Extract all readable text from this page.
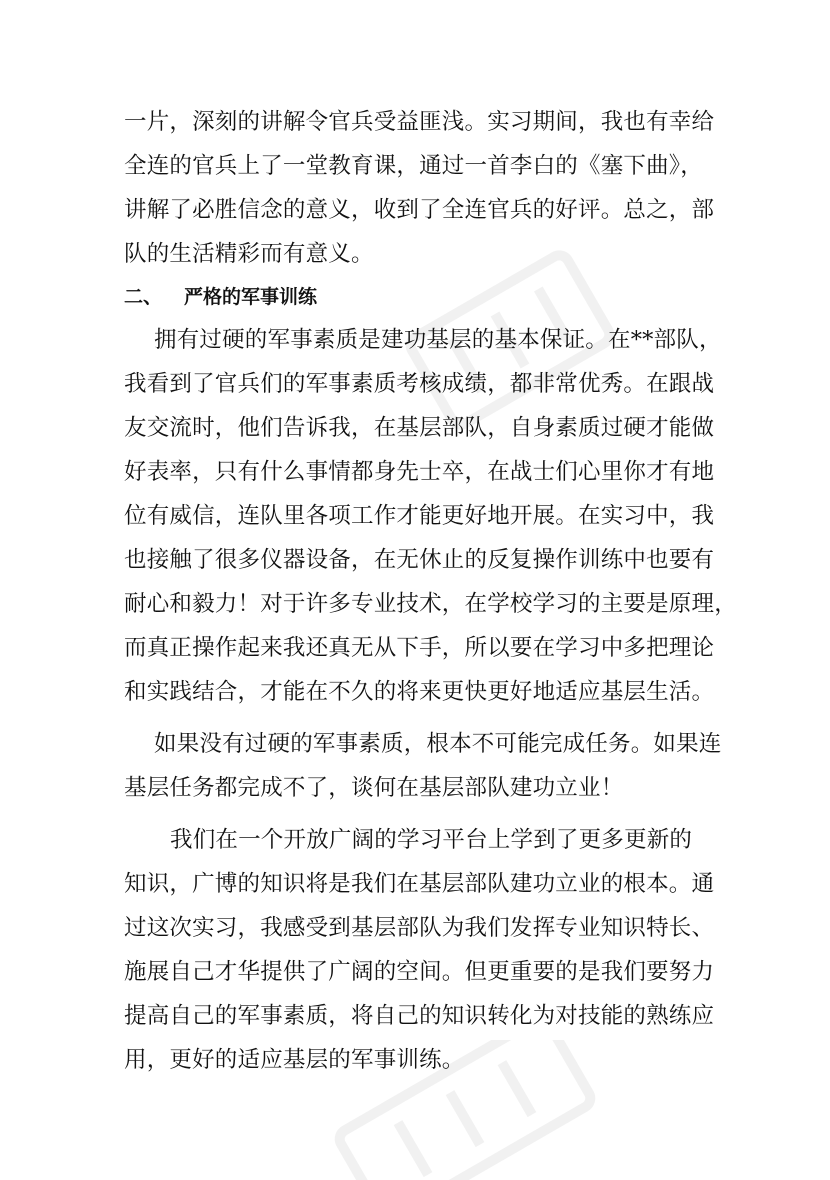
一片，深刻的讲解令官兵受益匪浅。实习期间，我也有幸给
全连的官兵上了一堂教育课，通过一首李白的《塞下曲》，
讲解了必胜信念的意义，收到了全连官兵的好评。总之，部
队的生活精彩而有意义。
二、 严格的军事训练
拥有过硬的军事素质是建功基层的基本保证。在**部队，
我看到了官兵们的军事素质考核成绩，都非常优秀。在跟战
友交流时，他们告诉我，在基层部队，自身素质过硬才能做
好表率，只有什么事情都身先士卒，在战士们心里你才有地
位有威信，连队里各项工作才能更好地开展。在实习中，我
也接触了很多仪器设备，在无休止的反复操作训练中也要有
耐心和毅力！对于许多专业技术，在学校学习的主要是原理，
而真正操作起来我还真无从下手，所以要在学习中多把理论
和实践结合，才能在不久的将来更快更好地适应基层生活。
如果没有过硬的军事素质，根本不可能完成任务。如果连
基层任务都完成不了，谈何在基层部队建功立业！
我们在一个开放广阔的学习平台上学到了更多更新的
知识，广博的知识将是我们在基层部队建功立业的根本。通
过这次实习，我感受到基层部队为我们发挥专业知识特长、
施展自己才华提供了广阔的空间。但更重要的是我们要努力
提高自己的军事素质，将自己的知识转化为对技能的熟练应
用，更好的适应基层的军事训练。
